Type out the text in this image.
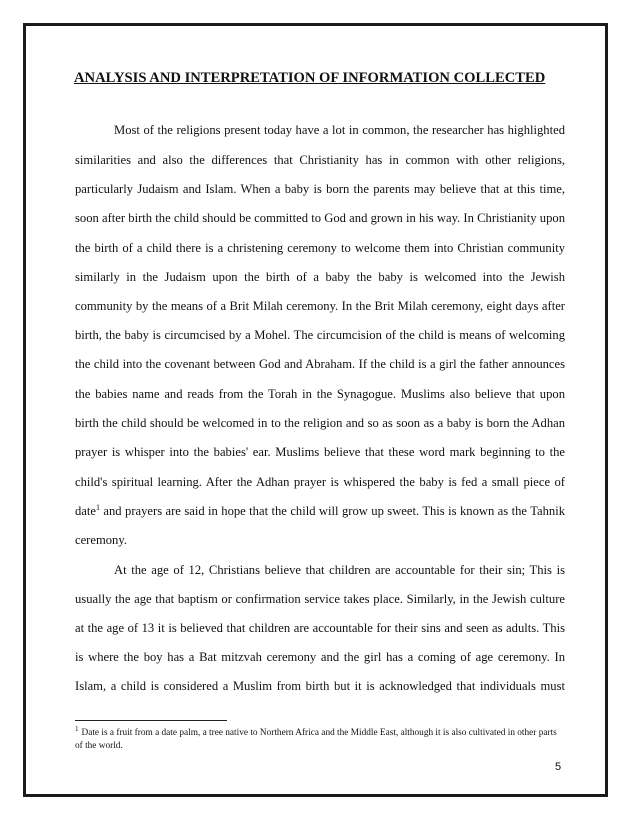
ANALYSIS AND INTERPRETATION OF INFORMATION COLLECTED
Most of the religions present today have a lot in common, the researcher has highlighted
similarities and also the differences that Christianity has in common with other religions,
particularly Judaism and Islam. When a baby is born the parents may believe that at this time,
soon after birth the child should be committed to God and grown in his way. In Christianity upon
the birth of a child there is a christening ceremony to welcome them into Christian community
similarly in the Judaism upon the birth of a baby the baby is welcomed into the Jewish
community by the means of a Brit Milah ceremony. In the Brit Milah ceremony, eight days after
birth, the baby is circumcised by a Mohel. The circumcision of the child is means of welcoming
the child into the covenant between God and Abraham. If the child is a girl the father announces
the babies name and reads from the Torah in the Synagogue. Muslims also believe that upon
birth the child should be welcomed in to the religion and so as soon as a baby is born the Adhan
prayer is whisper into the babies' ear. Muslims believe that these word mark beginning to the
child's spiritual learning. After the Adhan prayer is whispered the baby is fed a small piece of
date$^1$ and prayers are said in hope that the child will grow up sweet. This is known as the Tahnik
ceremony.
At the age of 12, Christians believe that children are accountable for their sin; This is
usually the age that baptism or confirmation service takes place. Similarly, in the Jewish culture
at the age of 13 it is believed that children are accountable for their sins and seen as adults. This
is where the boy has a Bat mitzvah ceremony and the girl has a coming of age ceremony. In
Islam, a child is considered a Muslim from birth but it is acknowledged that individuals must
$^1$ Date is a fruit from a date palm, a tree native to Northern Africa and the Middle East, although it is also cultivated in other parts
of the world.
5
